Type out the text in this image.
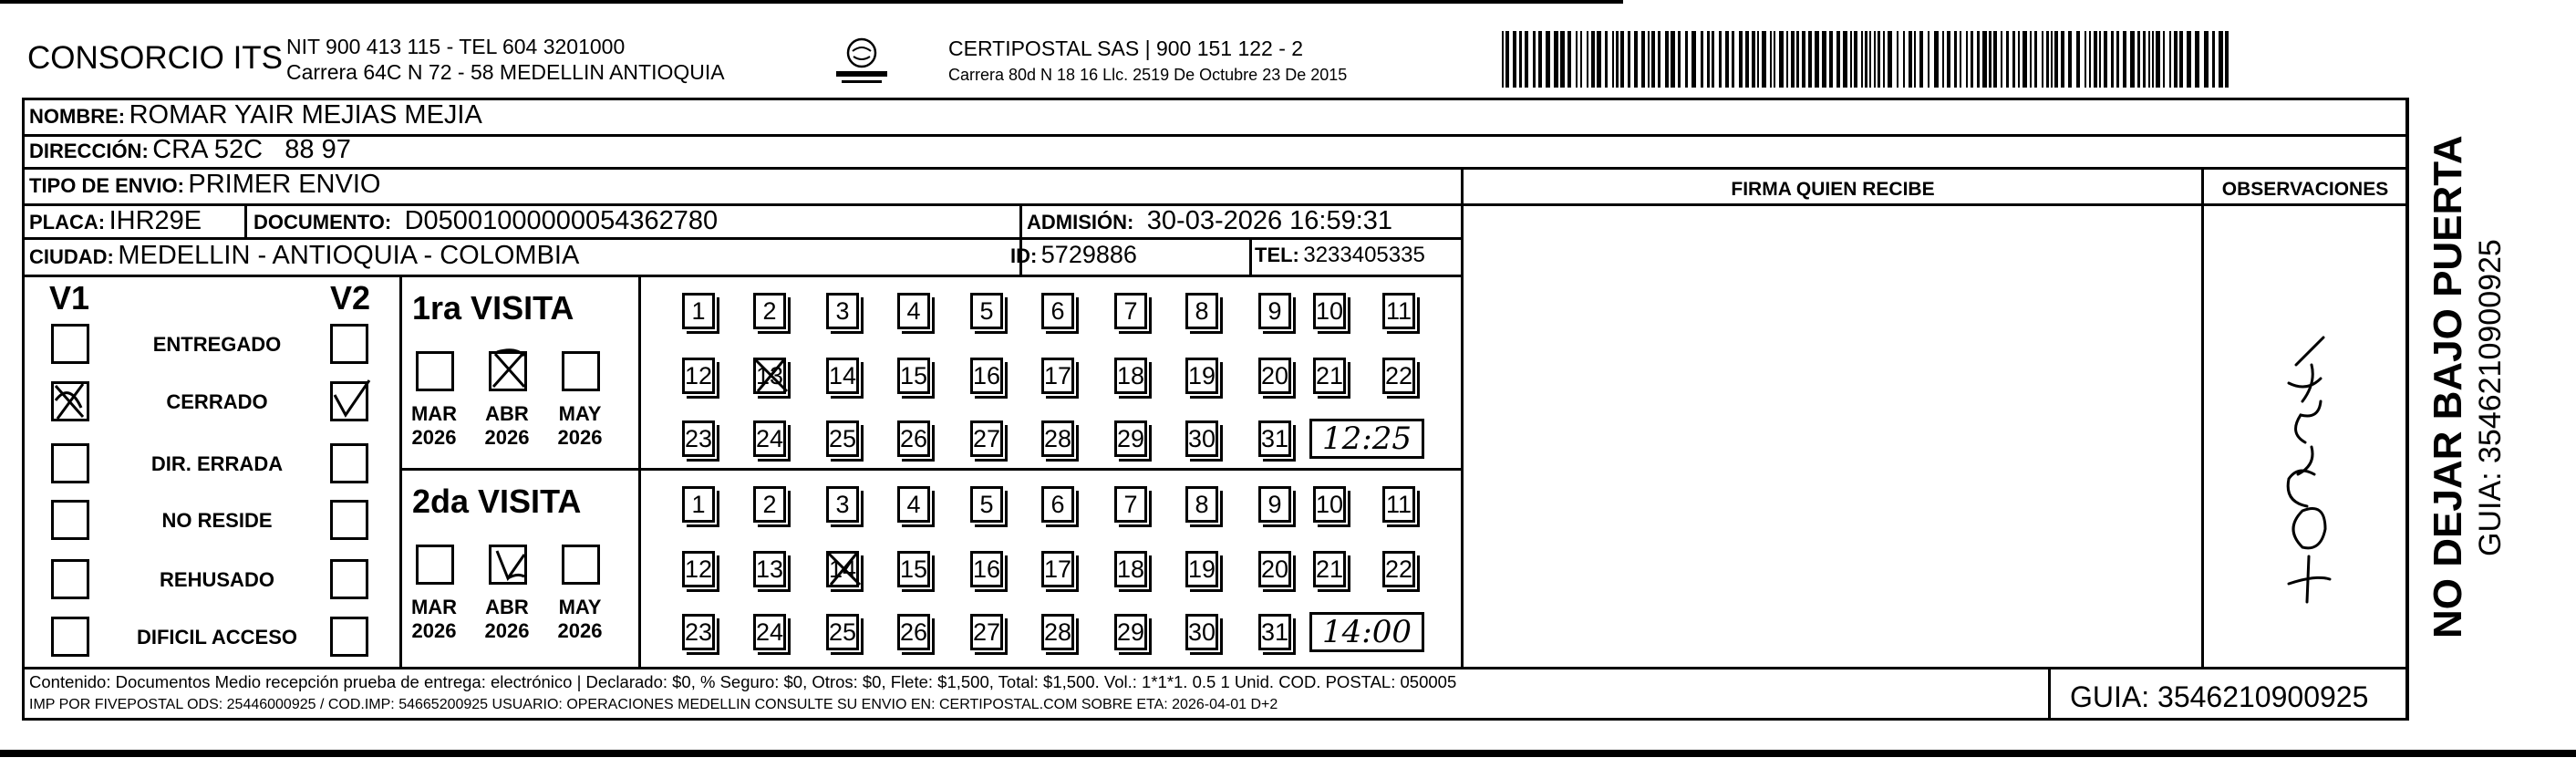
CONSORCIO ITS NIT 900 413 115 - TEL 604 3201000
Carrera 64C N 72 - 58 MEDELLIN ANTIOQUIA
CERTIPOSTAL SAS | 900 151 122 - 2
Carrera 80d N 18 16 Llc. 2519 De Octubre 23 De 2015
NOMBRE: ROMAR YAIR MEJIAS MEJIA
DIRECCIÓN: CRA 52C   88 97
TIPO DE ENVIO: PRIMER ENVIO	FIRMA QUIEN RECIBE	OBSERVACIONES
PLACA: IHR29E	DOCUMENTO: D05001000000054362780	ADMISIÓN: 30-03-2026 16:59:31
CIUDAD: MEDELLIN - ANTIOQUIA - COLOMBIA	ID: 5729886	TEL: 3233405335
V1	V2
ENTREGADO
CERRADO
DIR. ERRADA
NO RESIDE
REHUSADO
DIFICIL ACCESO
1ra VISITA
MAR
2026
ABR
2026
MAY
2026
1	2	3	4	5	6	7	8	9	10 11
12 13 14 15 16 17 18 19 20 21 22
23 24 25 26 27 28 29 30 31	12:25
2da VISITA
MAR
2026
ABR
2026
MAY
2026
1	2	3	4	5	6	7	8	9	10 11
12 13 14 15 16 17 18 19 20 21 22
23 24 25 26 27 28 29 30 31	14:00	NO DEJAR BAJO PUERTA GUIA: 3546210900925
Contenido: Documentos Medio recepción prueba de entrega: electrónico | Declarado: $0, % Seguro: $0, Otros: $0, Flete: $1,500, Total: $1,500. Vol.: 1*1*1. 0.5 1 Unid. COD. POSTAL: 050005
IMP POR FIVEPOSTAL ODS: 25446000925 / COD.IMP: 54665200925 USUARIO: OPERACIONES MEDELLIN CONSULTE SU ENVIO EN: CERTIPOSTAL.COM SOBRE ETA: 2026-04-01 D+2	GUIA: 3546210900925
